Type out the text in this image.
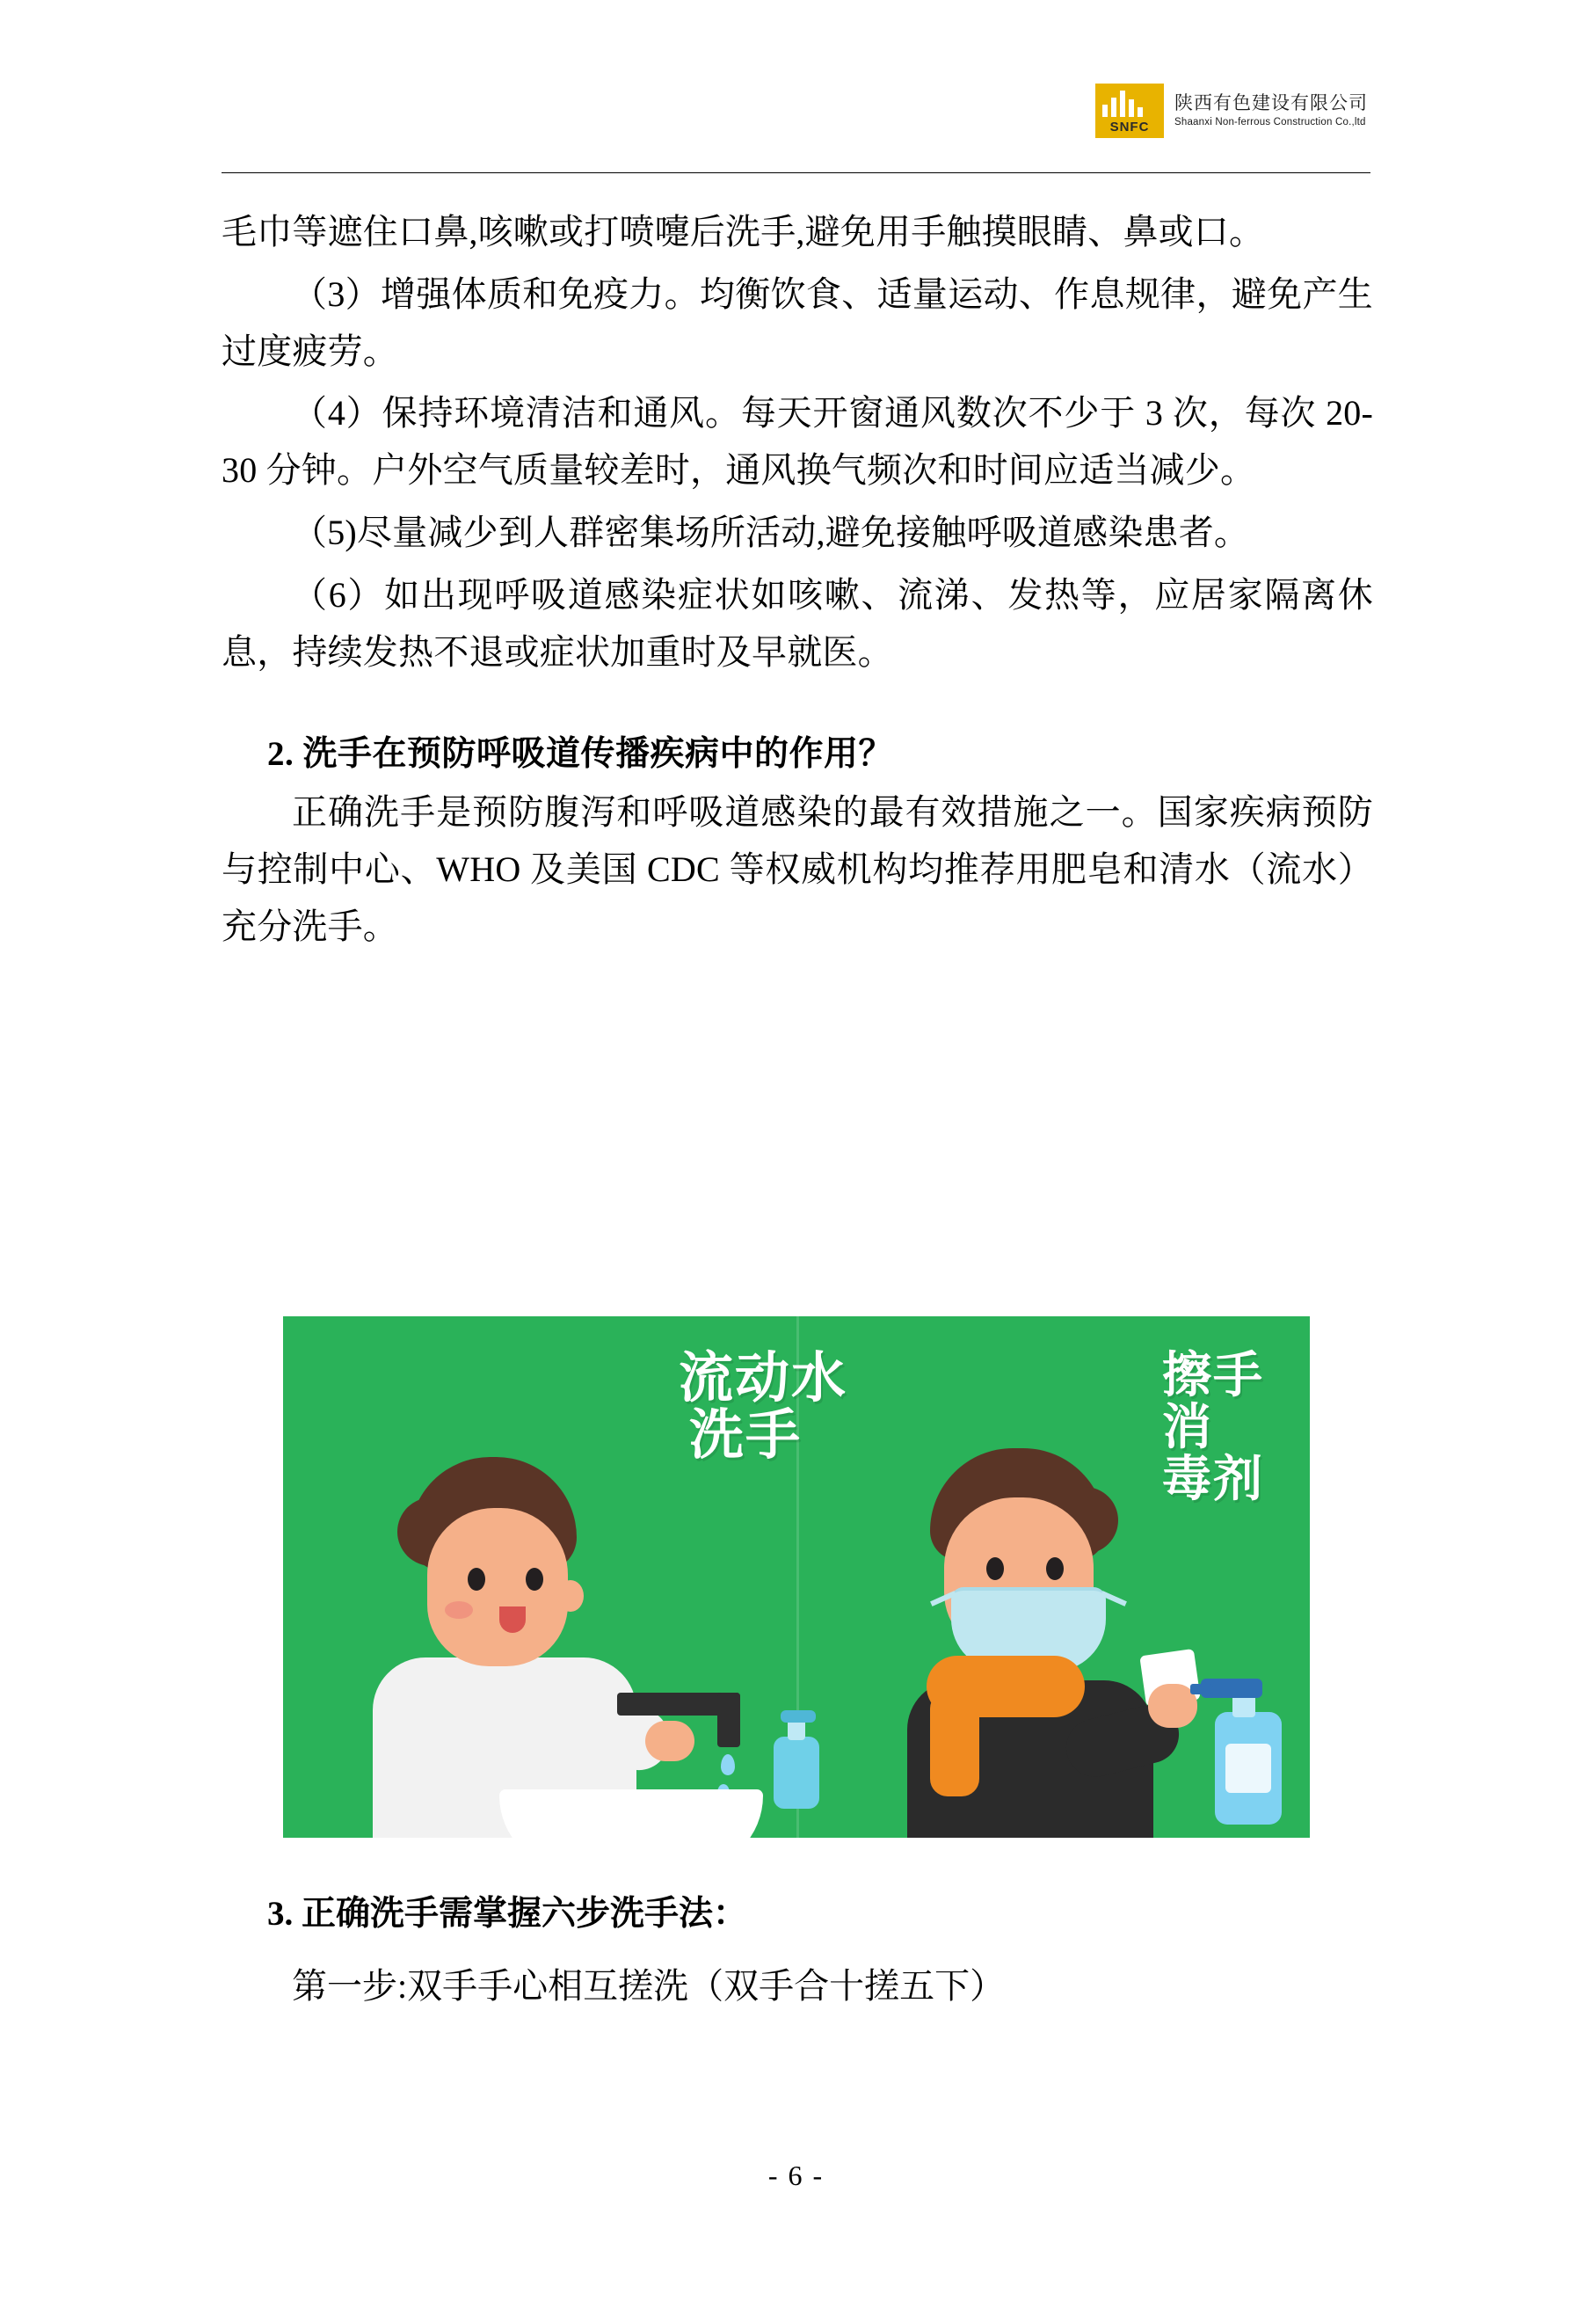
SNFC
陕西有色建设有限公司
Shaanxi Non-ferrous Construction Co.,ltd

毛巾等遮住口鼻,咳嗽或打喷嚏后洗手,避免用手触摸眼睛、鼻或口。

（3）增强体质和免疫力。均衡饮食、适量运动、作息规律，避免产生过度疲劳。

（4）保持环境清洁和通风。每天开窗通风数次不少于 3 次，每次 20-30 分钟。户外空气质量较差时，通风换气频次和时间应适当减少。

（5)尽量减少到人群密集场所活动,避免接触呼吸道感染患者。

（6）如出现呼吸道感染症状如咳嗽、流涕、发热等，应居家隔离休息，持续发热不退或症状加重时及早就医。

2. 洗手在预防呼吸道传播疾病中的作用？

正确洗手是预防腹泻和呼吸道感染的最有效措施之一。国家疾病预防与控制中心、WHO 及美国 CDC 等权威机构均推荐用肥皂和清水（流水）充分洗手。

流动水
洗手
擦手消
毒剂
3. 正确洗手需掌握六步洗手法：

第一步:双手手心相互搓洗（双手合十搓五下）

- 6 -
